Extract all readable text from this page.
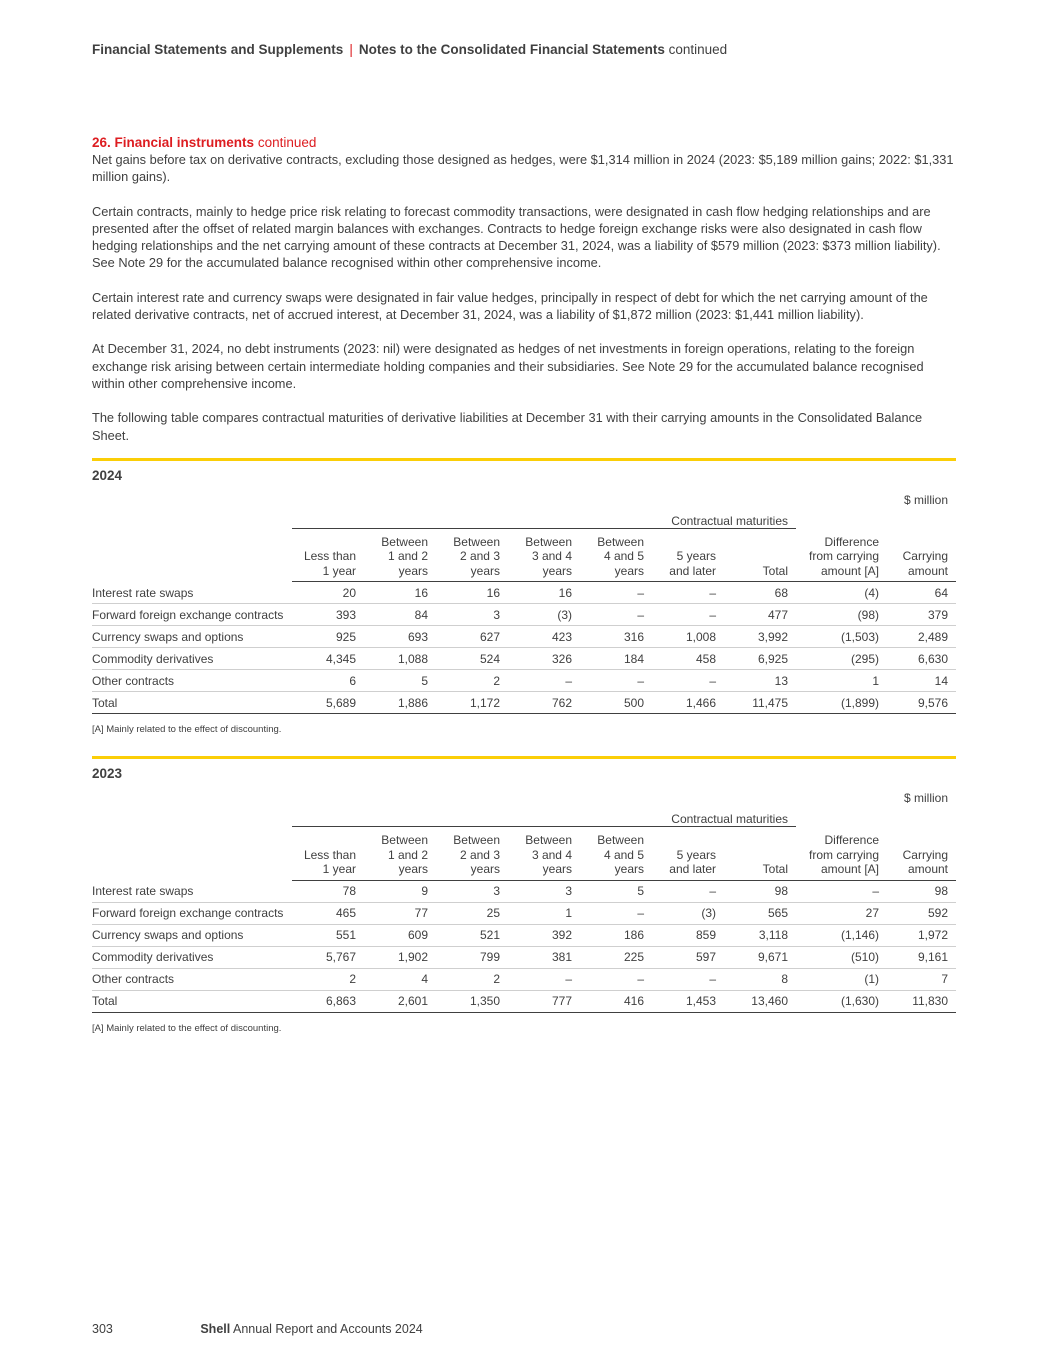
Financial Statements and Supplements | Notes to the Consolidated Financial Statements continued
26. Financial instruments continued

Net gains before tax on derivative contracts, excluding those designed as hedges, were $1,314 million in 2024 (2023: $5,189 million gains; 2022: $1,331 million gains).

Certain contracts, mainly to hedge price risk relating to forecast commodity transactions, were designated in cash flow hedging relationships and are presented after the offset of related margin balances with exchanges. Contracts to hedge foreign exchange risks were also designated in cash flow hedging relationships and the net carrying amount of these contracts at December 31, 2024, was a liability of $579 million (2023: $373 million liability). See Note 29 for the accumulated balance recognised within other comprehensive income.

Certain interest rate and currency swaps were designated in fair value hedges, principally in respect of debt for which the net carrying amount of the related derivative contracts, net of accrued interest, at December 31, 2024, was a liability of $1,872 million (2023: $1,441 million liability).

At December 31, 2024, no debt instruments (2023: nil) were designated as hedges of net investments in foreign operations, relating to the foreign exchange risk arising between certain intermediate holding companies and their subsidiaries. See Note 29 for the accumulated balance recognised within other comprehensive income.

The following table compares contractual maturities of derivative liabilities at December 31 with their carrying amounts in the Consolidated Balance Sheet.

2024
$ million
	Contractual maturities								
	Less than
1 year	Between
1 and 2
years	Between
2 and 3
years	Between
3 and 4
years	Between
4 and 5
years	5 years
and later	Total	Difference
from carrying
amount [A]	Carrying
amount
Interest rate swaps	20	16	16	16	–	–	68	(4)	64
Forward foreign exchange contracts	393	84	3	(3)	–	–	477	(98)	379
Currency swaps and options	925	693	627	423	316	1,008	3,992	(1,503)	2,489
Commodity derivatives	4,345	1,088	524	326	184	458	6,925	(295)	6,630
Other contracts	6	5	2	–	–	–	13	1	14
Total	5,689	1,886	1,172	762	500	1,466	11,475	(1,899)	9,576
[A] Mainly related to the effect of discounting.
2023
$ million
	Contractual maturities								
	Less than
1 year	Between
1 and 2
years	Between
2 and 3
years	Between
3 and 4
years	Between
4 and 5
years	5 years
and later	Total	Difference
from carrying
amount [A]	Carrying
amount
Interest rate swaps	78	9	3	3	5	–	98	–	98
Forward foreign exchange contracts	465	77	25	1	–	(3)	565	27	592
Currency swaps and options	551	609	521	392	186	859	3,118	(1,146)	1,972
Commodity derivatives	5,767	1,902	799	381	225	597	9,671	(510)	9,161
Other contracts	2	4	2	–	–	–	8	(1)	7
Total	6,863	2,601	1,350	777	416	1,453	13,460	(1,630)	11,830
[A] Mainly related to the effect of discounting.
303	Shell Annual Report and Accounts 2024
